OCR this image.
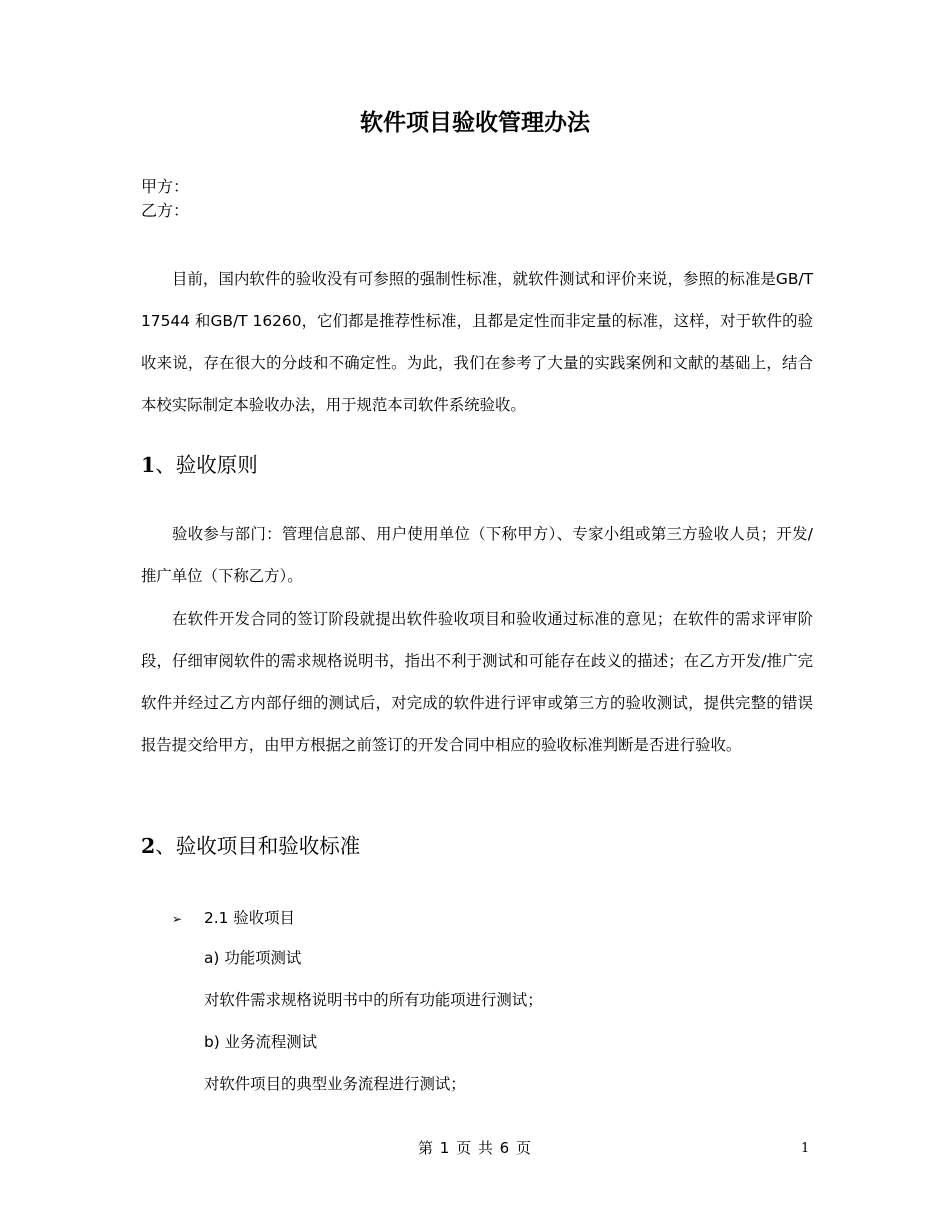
软件项目验收管理办法
甲方：
乙方：

目前，国内软件的验收没有可参照的强制性标准，就软件测试和评价来说，参照的标准是GB/T 17544 和GB/T 16260，它们都是推荐性标准，且都是定性而非定量的标准，这样，对于软件的验收来说，存在很大的分歧和不确定性。为此，我们在参考了大量的实践案例和文献的基础上，结合本校实际制定本验收办法，用于规范本司软件系统验收。

1、验收原则

验收参与部门：管理信息部、用户使用单位（下称甲方）、专家小组或第三方验收人员；开发/推广单位（下称乙方）。

在软件开发合同的签订阶段就提出软件验收项目和验收通过标准的意见；在软件的需求评审阶段，仔细审阅软件的需求规格说明书，指出不利于测试和可能存在歧义的描述；在乙方开发/推广完软件并经过乙方内部仔细的测试后，对完成的软件进行评审或第三方的验收测试，提供完整的错误报告提交给甲方，由甲方根据之前签订的开发合同中相应的验收标准判断是否进行验收。

2、验收项目和验收标准
➢ 2.1 验收项目
a) 功能项测试
对软件需求规格说明书中的所有功能项进行测试；
b) 业务流程测试
对软件项目的典型业务流程进行测试；
第 1 页 共 6 页	1
